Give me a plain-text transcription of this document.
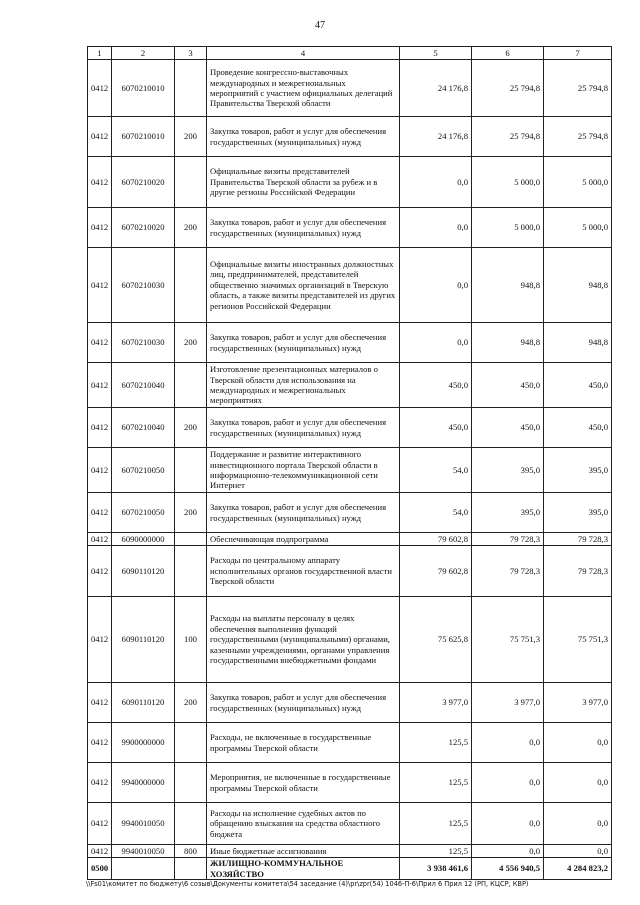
47
1	2	3	4	5	6	7
0412	6070210010		Проведение конгрессно-выставочных международных и межрегиональных мероприятий с участием официальных делегаций Правительства Тверской области	24 176,8	25 794,8	25 794,8
0412	6070210010	200	Закупка товаров, работ и услуг для обеспечения государственных (муниципальных) нужд	24 176,8	25 794,8	25 794,8
0412	6070210020		Официальные визиты представителей Правительства Тверской области за рубеж и в другие регионы Российской Федерации	0,0	5 000,0	5 000,0
0412	6070210020	200	Закупка товаров, работ и услуг для обеспечения государственных (муниципальных) нужд	0,0	5 000,0	5 000,0
0412	6070210030		Официальные визиты иностранных должностных лиц, предпринимателей, представителей общественно значимых организаций в Тверскую область, а также визиты представителей из других регионов Российской Федерации	0,0	948,8	948,8
0412	6070210030	200	Закупка товаров, работ и услуг для обеспечения государственных (муниципальных) нужд	0,0	948,8	948,8
0412	6070210040		Изготовление презентационных материалов о Тверской области для использования на международных и межрегиональных мероприятиях	450,0	450,0	450,0
0412	6070210040	200	Закупка товаров, работ и услуг для обеспечения государственных (муниципальных) нужд	450,0	450,0	450,0
0412	6070210050		Поддержание и развитие интерактивного инвестиционного портала Тверской области в информационно-телекоммуникационной сети Интернет	54,0	395,0	395,0
0412	6070210050	200	Закупка товаров, работ и услуг для обеспечения государственных (муниципальных) нужд	54,0	395,0	395,0
0412	6090000000		Обеспечивающая подпрограмма	79 602,8	79 728,3	79 728,3
0412	6090110120		Расходы по центральному аппарату исполнительных органов государственной власти Тверской области	79 602,8	79 728,3	79 728,3
0412	6090110120	100	Расходы на выплаты персоналу в целях обеспечения выполнения функций государственными (муниципальными) органами, казенными учреждениями, органами управления государственными внебюджетными фондами	75 625,8	75 751,3	75 751,3
0412	6090110120	200	Закупка товаров, работ и услуг для обеспечения государственных (муниципальных) нужд	3 977,0	3 977,0	3 977,0
0412	9900000000		Расходы, не включенные в государственные программы Тверской области	125,5	0,0	0,0
0412	9940000000		Мероприятия, не включенные в государственные программы Тверской области	125,5	0,0	0,0
0412	9940010050		Расходы на исполнение судебных актов по обращению взыскания на средства областного бюджета	125,5	0,0	0,0
0412	9940010050	800	Иные бюджетные ассигнования	125,5	0,0	0,0
0500			ЖИЛИЩНО-КОММУНАЛЬНОЕ ХОЗЯЙСТВО	3 938 461,6	4 556 940,5	4 284 823,2
\\Fs01\комитет по бюджету\6 созыв\Документы комитета\54 заседание (4)\pr\zpr(54) 1046-П-6\Прил 6 Прил 12 (РП, КЦСР, КВР)
